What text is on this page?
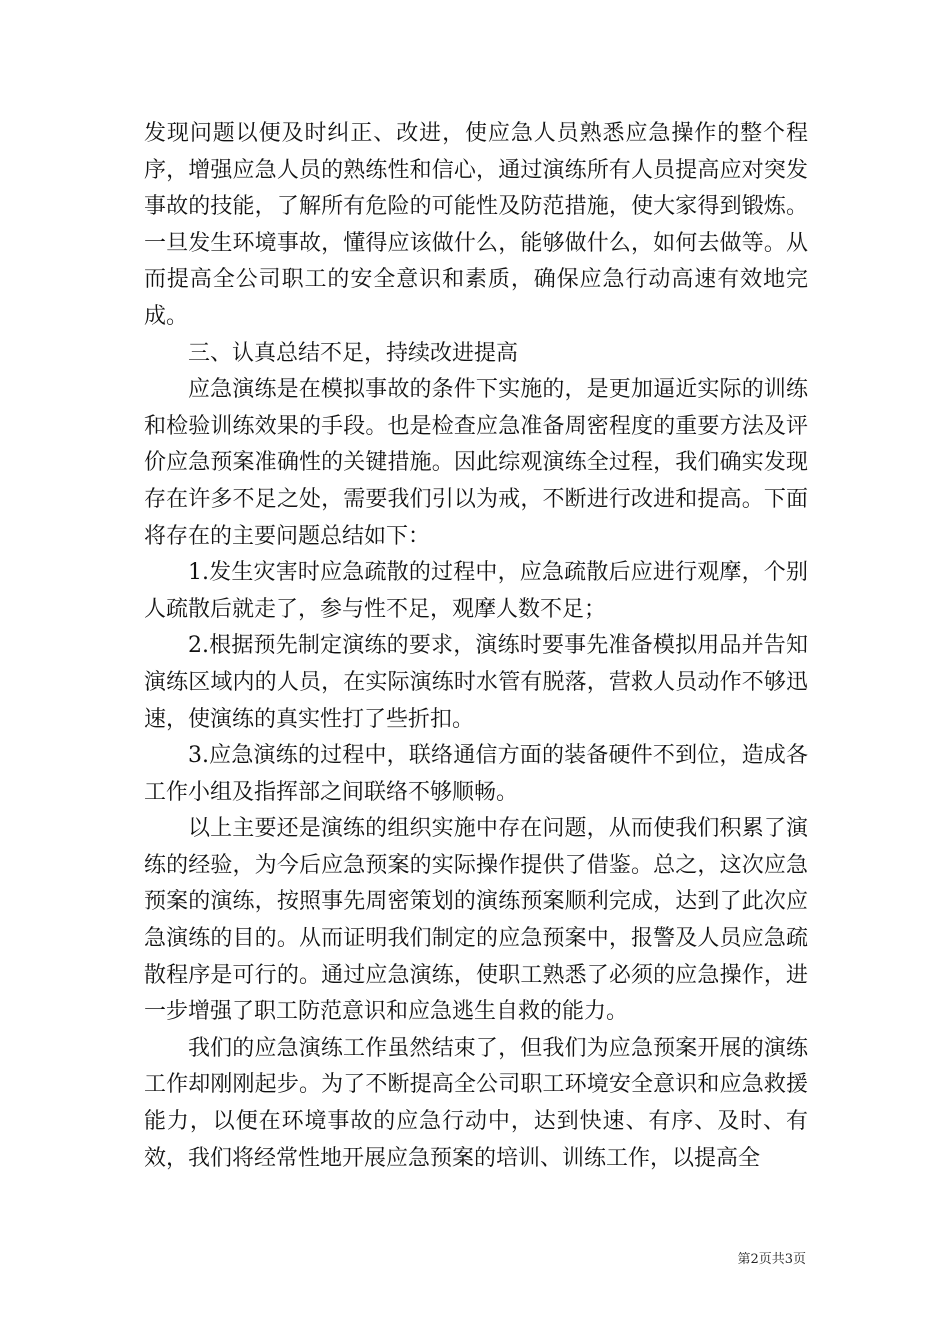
发现问题以便及时纠正、改进，使应急人员熟悉应急操作的整个程序，增强应急人员的熟练性和信心，通过演练所有人员提高应对突发事故的技能，了解所有危险的可能性及防范措施，使大家得到锻炼。一旦发生环境事故，懂得应该做什么，能够做什么，如何去做等。从而提高全公司职工的安全意识和素质，确保应急行动高速有效地完成。

三、认真总结不足，持续改进提高

应急演练是在模拟事故的条件下实施的，是更加逼近实际的训练和检验训练效果的手段。也是检查应急准备周密程度的重要方法及评价应急预案准确性的关键措施。因此综观演练全过程，我们确实发现存在许多不足之处，需要我们引以为戒，不断进行改进和提高。下面将存在的主要问题总结如下：

1.发生灾害时应急疏散的过程中，应急疏散后应进行观摩，个别人疏散后就走了，参与性不足，观摩人数不足；

2.根据预先制定演练的要求，演练时要事先准备模拟用品并告知演练区域内的人员，在实际演练时水管有脱落，营救人员动作不够迅速，使演练的真实性打了些折扣。

3.应急演练的过程中，联络通信方面的装备硬件不到位，造成各工作小组及指挥部之间联络不够顺畅。

以上主要还是演练的组织实施中存在问题，从而使我们积累了演练的经验，为今后应急预案的实际操作提供了借鉴。总之，这次应急预案的演练，按照事先周密策划的演练预案顺利完成，达到了此次应急演练的目的。从而证明我们制定的应急预案中，报警及人员应急疏散程序是可行的。通过应急演练，使职工熟悉了必须的应急操作，进一步增强了职工防范意识和应急逃生自救的能力。

我们的应急演练工作虽然结束了，但我们为应急预案开展的演练工作却刚刚起步。为了不断提高全公司职工环境安全意识和应急救援能力，以便在环境事故的应急行动中，达到快速、有序、及时、有效，我们将经常性地开展应急预案的培训、训练工作，以提高全

第2页共3页
